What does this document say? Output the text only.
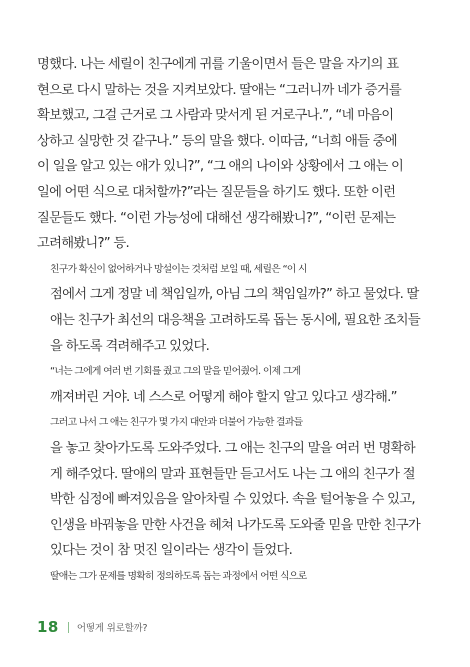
명했다. 나는 세릴이 친구에게 귀를 기울이면서 들은 말을 자기의 표
현으로 다시 말하는 것을 지켜보았다. 딸애는 “그러니까 네가 증거를
확보했고, 그걸 근거로 그 사람과 맞서게 된 거로구나.”, “네 마음이
상하고 실망한 것 같구나.” 등의 말을 했다. 이따금, “너희 애들 중에
이 일을 알고 있는 애가 있니?”, “그 애의 나이와 상황에서 그 애는 이
일에 어떤 식으로 대처할까?”라는 질문들을 하기도 했다. 또한 이런
질문들도 했다. “이런 가능성에 대해선 생각해봤니?”, “이런 문제는
고려해봤니?” 등.
친구가 확신이 없어하거나 망설이는 것처럼 보일 때, 세릴은 “이 시
점에서 그게 정말 네 책임일까, 아님 그의 책임일까?” 하고 물었다. 딸
애는 친구가 최선의 대응책을 고려하도록 돕는 동시에, 필요한 조치들
을 하도록 격려해주고 있었다.
“너는 그에게 여러 번 기회를 줬고 그의 말을 믿어줬어. 이제 그게
깨져버린 거야. 네 스스로 어떻게 해야 할지 알고 있다고 생각해.”
그러고 나서 그 애는 친구가 몇 가지 대안과 더불어 가능한 결과들
을 놓고 찾아가도록 도와주었다. 그 애는 친구의 말을 여러 번 명확하
게 해주었다. 딸애의 말과 표현들만 듣고서도 나는 그 애의 친구가 절
박한 심정에 빠져있음을 알아차릴 수 있었다. 속을 털어놓을 수 있고,
인생을 바꿔놓을 만한 사건을 헤쳐 나가도록 도와줄 믿을 만한 친구가
있다는 것이 참 멋진 일이라는 생각이 들었다.
딸애는 그가 문제를 명확히 정의하도록 돕는 과정에서 어떤 식으로
18 어떻게 위로할까?
